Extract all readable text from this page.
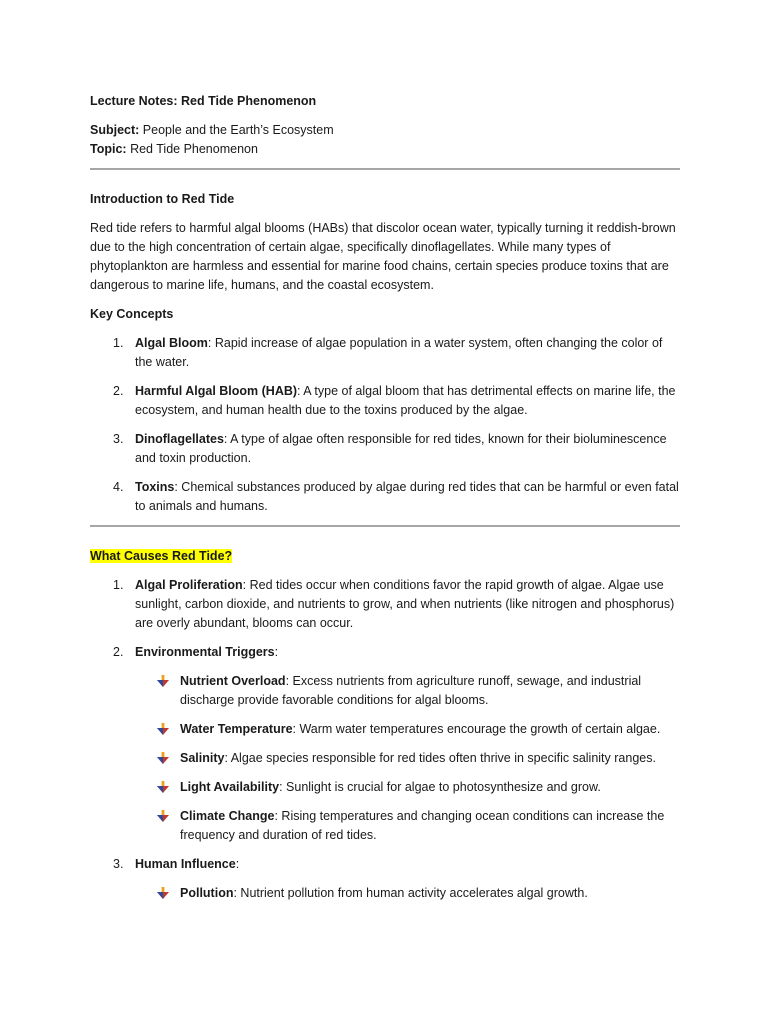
Lecture Notes: Red Tide Phenomenon
Subject: People and the Earth’s Ecosystem
Topic: Red Tide Phenomenon
Introduction to Red Tide

Red tide refers to harmful algal blooms (HABs) that discolor ocean water, typically turning it reddish-brown due to the high concentration of certain algae, specifically dinoflagellates. While many types of phytoplankton are harmless and essential for marine food chains, certain species produce toxins that are dangerous to marine life, humans, and the coastal ecosystem.

Key Concepts
1. Algal Bloom: Rapid increase of algae population in a water system, often changing the color of the water.
2. Harmful Algal Bloom (HAB): A type of algal bloom that has detrimental effects on marine life, the ecosystem, and human health due to the toxins produced by the algae.
3. Dinoflagellates: A type of algae often responsible for red tides, known for their bioluminescence and toxin production.
4. Toxins: Chemical substances produced by algae during red tides that can be harmful or even fatal to animals and humans.
What Causes Red Tide?
1. Algal Proliferation: Red tides occur when conditions favor the rapid growth of algae. Algae use sunlight, carbon dioxide, and nutrients to grow, and when nutrients (like nitrogen and phosphorus) are overly abundant, blooms can occur.
2. Environmental Triggers:
Nutrient Overload: Excess nutrients from agriculture runoff, sewage, and industrial discharge provide favorable conditions for algal blooms.
Water Temperature: Warm water temperatures encourage the growth of certain algae.
Salinity: Algae species responsible for red tides often thrive in specific salinity ranges.
Light Availability: Sunlight is crucial for algae to photosynthesize and grow.
Climate Change: Rising temperatures and changing ocean conditions can increase the frequency and duration of red tides.
3. Human Influence:
Pollution: Nutrient pollution from human activity accelerates algal growth.
